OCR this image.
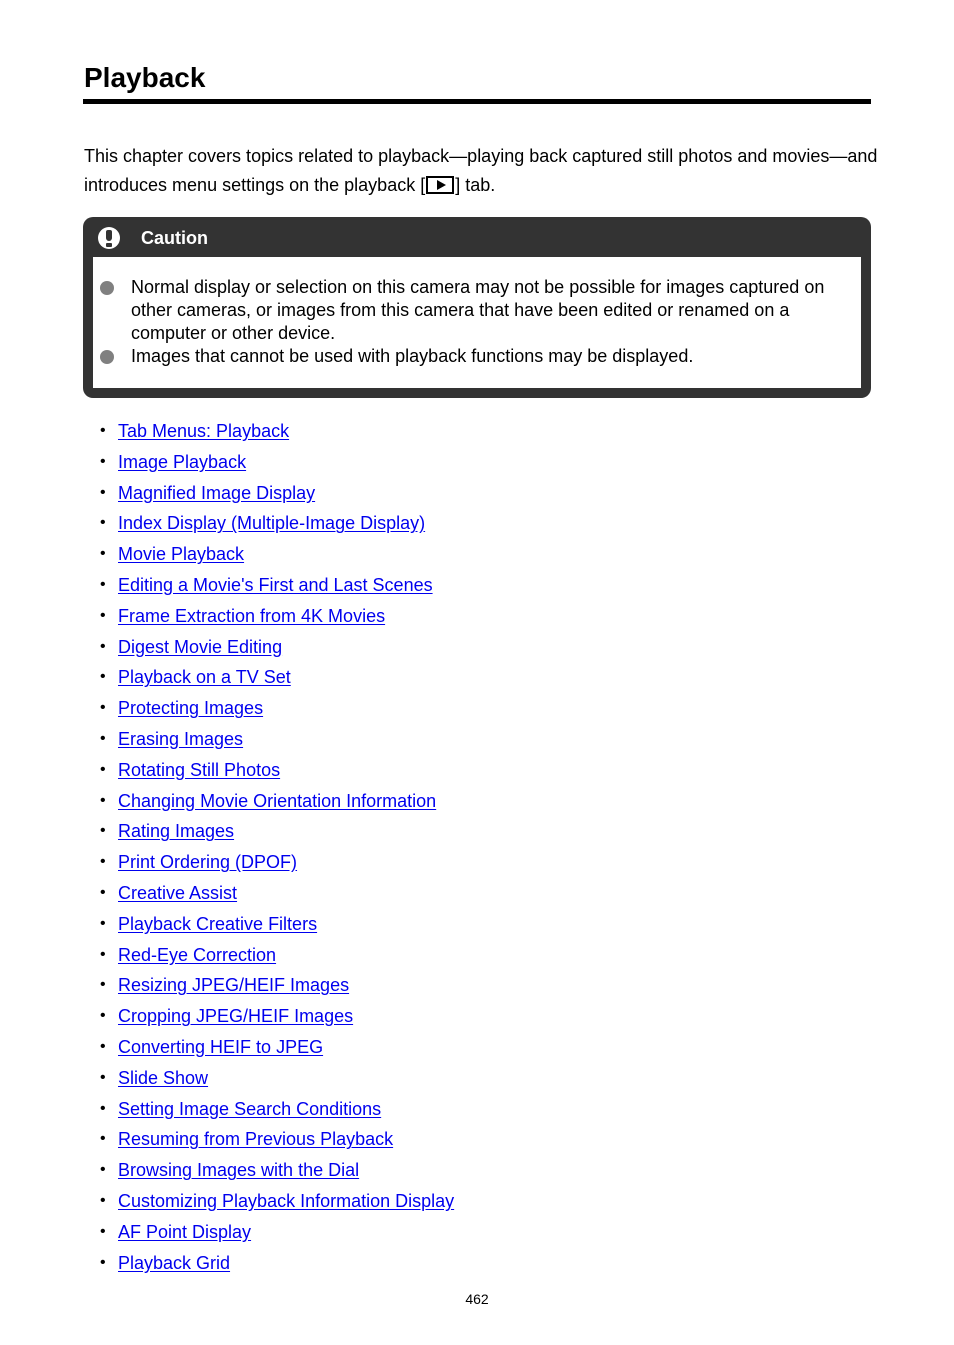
Playback

This chapter covers topics related to playback—playing back captured still photos and movies—and introduces menu settings on the playback [ ] tab.

Caution
Normal display or selection on this camera may not be possible for images captured on other cameras, or images from this camera that have been edited or renamed on a computer or other device.
Images that cannot be used with playback functions may be displayed.
• Tab Menus: Playback
• Image Playback
• Magnified Image Display
• Index Display (Multiple-Image Display)
• Movie Playback
• Editing a Movie's First and Last Scenes
• Frame Extraction from 4K Movies
• Digest Movie Editing
• Playback on a TV Set
• Protecting Images
• Erasing Images
• Rotating Still Photos
• Changing Movie Orientation Information
• Rating Images
• Print Ordering (DPOF)
• Creative Assist
• Playback Creative Filters
• Red-Eye Correction
• Resizing JPEG/HEIF Images
• Cropping JPEG/HEIF Images
• Converting HEIF to JPEG
• Slide Show
• Setting Image Search Conditions
• Resuming from Previous Playback
• Browsing Images with the Dial
• Customizing Playback Information Display
• AF Point Display
• Playback Grid
462
